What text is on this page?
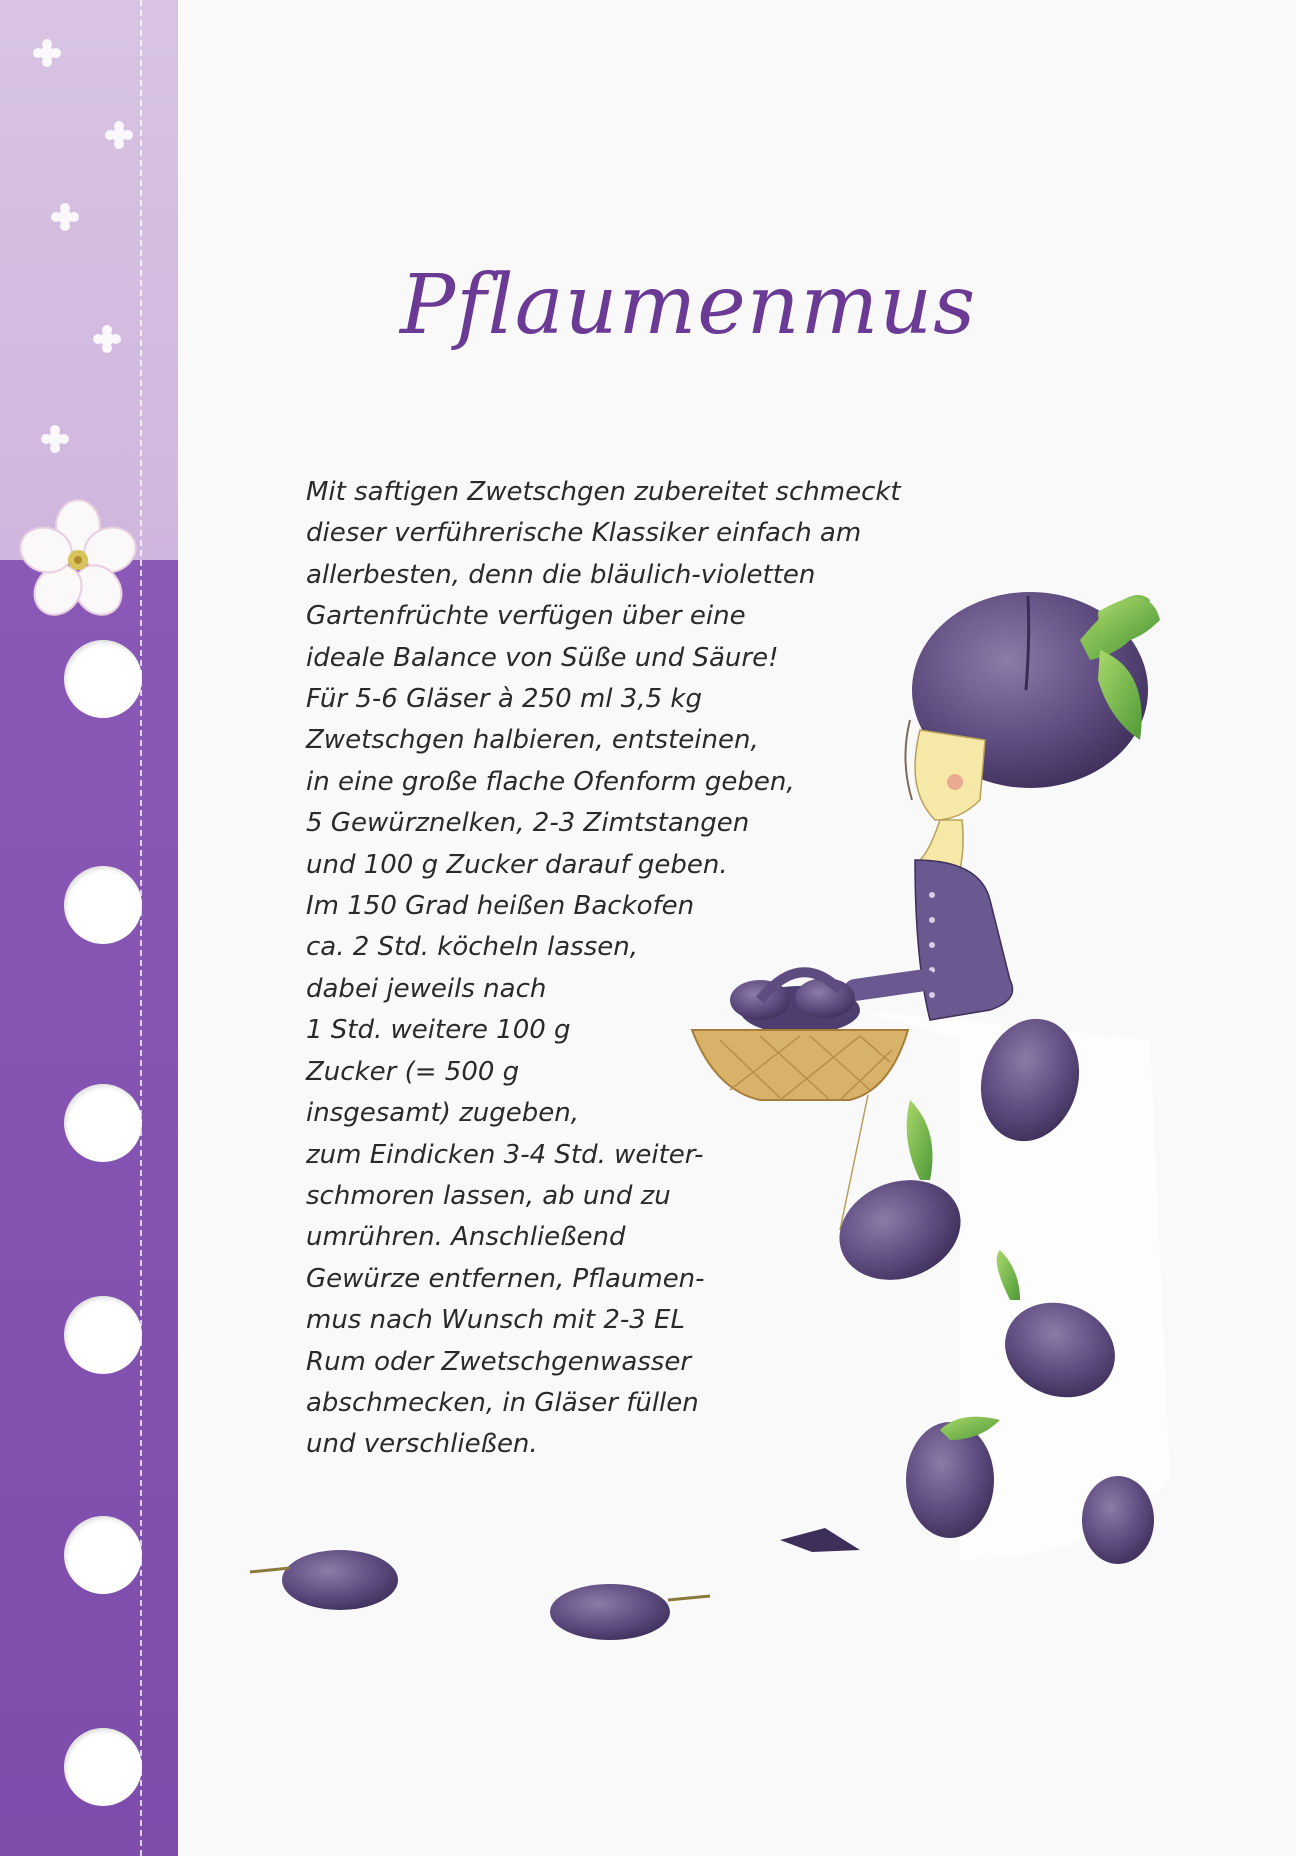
Pflaumenmus
Mit saftigen Zwetschgen zubereitet schmeckt
dieser verführerische Klassiker einfach am
allerbesten, denn die bläulich-violetten
Gartenfrüchte verfügen über eine
ideale Balance von Süße und Säure!
Für 5-6 Gläser à 250 ml 3,5 kg
Zwetschgen halbieren, entsteinen,
in eine große flache Ofenform geben,
5 Gewürznelken, 2-3 Zimtstangen
und 100 g Zucker darauf geben.
Im 150 Grad heißen Backofen
ca. 2 Std. köcheln lassen,
dabei jeweils nach
1 Std. weitere 100 g
Zucker (= 500 g
insgesamt) zugeben,
zum Eindicken 3-4 Std. weiter-
schmoren lassen, ab und zu
umrühren. Anschließend
Gewürze entfernen, Pflaumen-
mus nach Wunsch mit 2-3 EL
Rum oder Zwetschgenwasser
abschmecken, in Gläser füllen
und verschließen.
